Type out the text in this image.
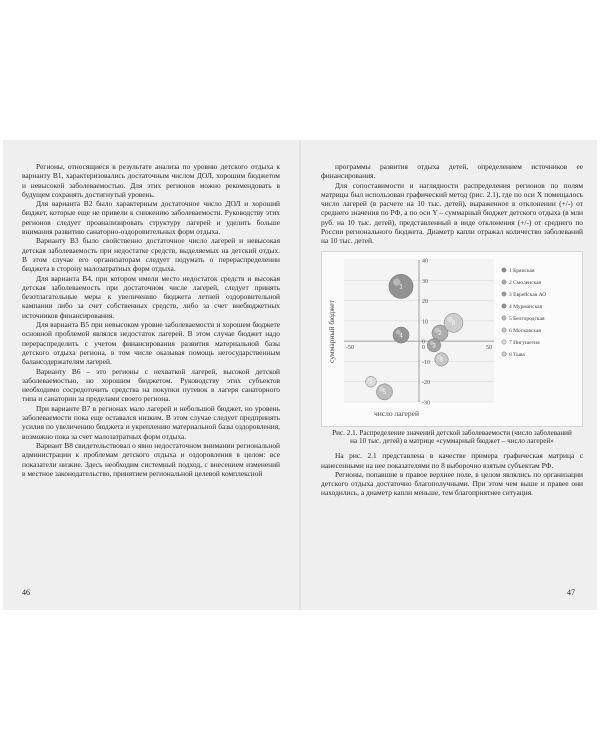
Регионы, относящиеся в результате анализа по уровню детского отдыха к варианту В1, характеризовались достаточным числом ДОЛ, хорошим бюджетом и невысокой заболеваемостью. Для этих регионов можно рекомендовать в будущем сохранять достигнутый уровень.

Для варианта В2 было характерным достаточное число ДОЛ и хороший бюджет, которые еще не привели к снижению заболеваемости. Руководству этих регионов следует проанализировать структуру лагерей и уделить больше внимания развитию санаторно-оздоровительных форм отдыха.

Варианту В3 было свойственно достаточное число лагерей и невысокая детская заболеваемость при недостатке средств, выделяемых на детский отдых. В этом случае его организаторам следует подумать о перераспределении бюджета в сторону малозатратных форм отдыха.

Для варианта В4, при котором имели место недостаток средств и высокая детская заболеваемость при достаточном числе лагерей, следует принять безотлагательные меры к увеличению бюджета летней оздоровительной кампании либо за счет собственных средств, либо за счет внебюджетных источников финансирования.

Для варианта В5 при невысоком уровне заболеваемости и хорошем бюджете основной проблемой являлся недостаток лагерей. В этом случае бюджет надо перераспределить с учетом финансирования развития материальной базы детского отдыха региона, в том числе оказывая помощь негосударственным балансодержателям лагерей.

Варианту В6 – это регионы с нехваткой лагерей, высокой детской заболеваемостью, но хорошим бюджетом. Руководству этих субъектов необходимо сосредоточить средства на покупки путевок в лагеря санаторного типа и санатории за пределами своего региона.

При варианте В7 в регионах мало лагерей и небольшой бюджет, но уровень заболеваемости пока еще оставался низким. В этом случае следует предпринять усилия по увеличению бюджета и укреплению материальной базы оздоровления, возможно пока за счет малозатратных форм отдыха.

Вариант В8 свидетельствовал о явно недостаточном внимании региональной администрации к проблемам детского отдыха и оздоровления в целом: все показатели низкие. Здесь необходим системный подход, с внесением изменений в местное законодательство, принятием региональной целевой комплексной

46

программы развития отдыха детей, определением источников ее финансирования.

Для сопоставимости и наглядности распределения регионов по полям матрицы был использован графический метод (рис. 2.1), где по оси X помещалось число лагерей (в расчете на 10 тыс. детей), выраженное в отклонении (+/-) от среднего значения по РФ, а по оси Y – суммарный бюджет детского отдыха (в млн руб. на 10 тыс. детей), представленный в виде отклонения (+/-) от среднего по России регионального бюджета. Диаметр капли отражал количество заболеваний на 10 тыс. детей.

40
30
20
10
0
-10
-20
-30
-50	0	50
суммарный бюджет
число лагерей
1
2
3
4
5
6
7
8
1 Брянская
2 Смоленская
3 Еврейская АО
4 Мурманская
5 Белгородская
6 Московская
7 Ингушетия
8 Тыва
Рис. 2.1. Распределение значений детской заболеваемости (число заболеваний на 10 тыс. детей) в матрице «суммарный бюджет – число лагерей»

На рис. 2.1 представлена в качестве примера графическая матрица с нанесенными на нее показателями по 8 выборочно взятым субъектам РФ.

Регионы, попавшие в правое верхнее поле, в целом являлись по организации детского отдыха достаточно благополучными. При этом чем выше и правее они находились, а диаметр капли меньше, тем благоприятнее ситуация.

47
